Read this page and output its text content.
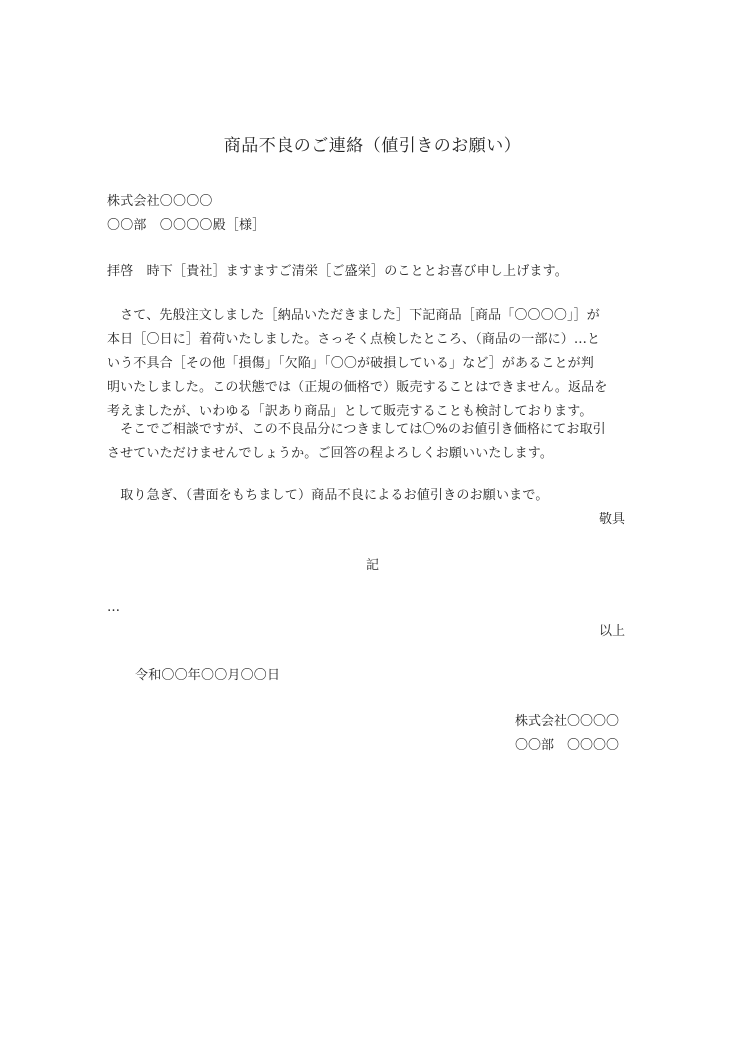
商品不良のご連絡（値引きのお願い）
株式会社〇〇〇〇
〇〇部　〇〇〇〇殿［様］
拝啓　時下［貴社］ますますご清栄［ご盛栄］のこととお喜び申し上げます。
　さて、先般注文しました［納品いただきました］下記商品［商品「〇〇〇〇」］が
本日［〇日に］着荷いたしました。さっそく点検したところ、（商品の一部に）…と
いう不具合［その他「損傷」「欠陥」「〇〇が破損している」など］があることが判
明いたしました。この状態では（正規の価格で）販売することはできません。返品を
考えましたが、いわゆる「訳あり商品」として販売することも検討しております。
　そこでご相談ですが、この不良品分につきましては〇%のお値引き価格にてお取引
させていただけませんでしょうか。ご回答の程よろしくお願いいたします。
　取り急ぎ、（書面をもちまして）商品不良によるお値引きのお願いまで。
敬具
記
…
以上
令和〇〇年〇〇月〇〇日
株式会社〇〇〇〇
〇〇部　〇〇〇〇
